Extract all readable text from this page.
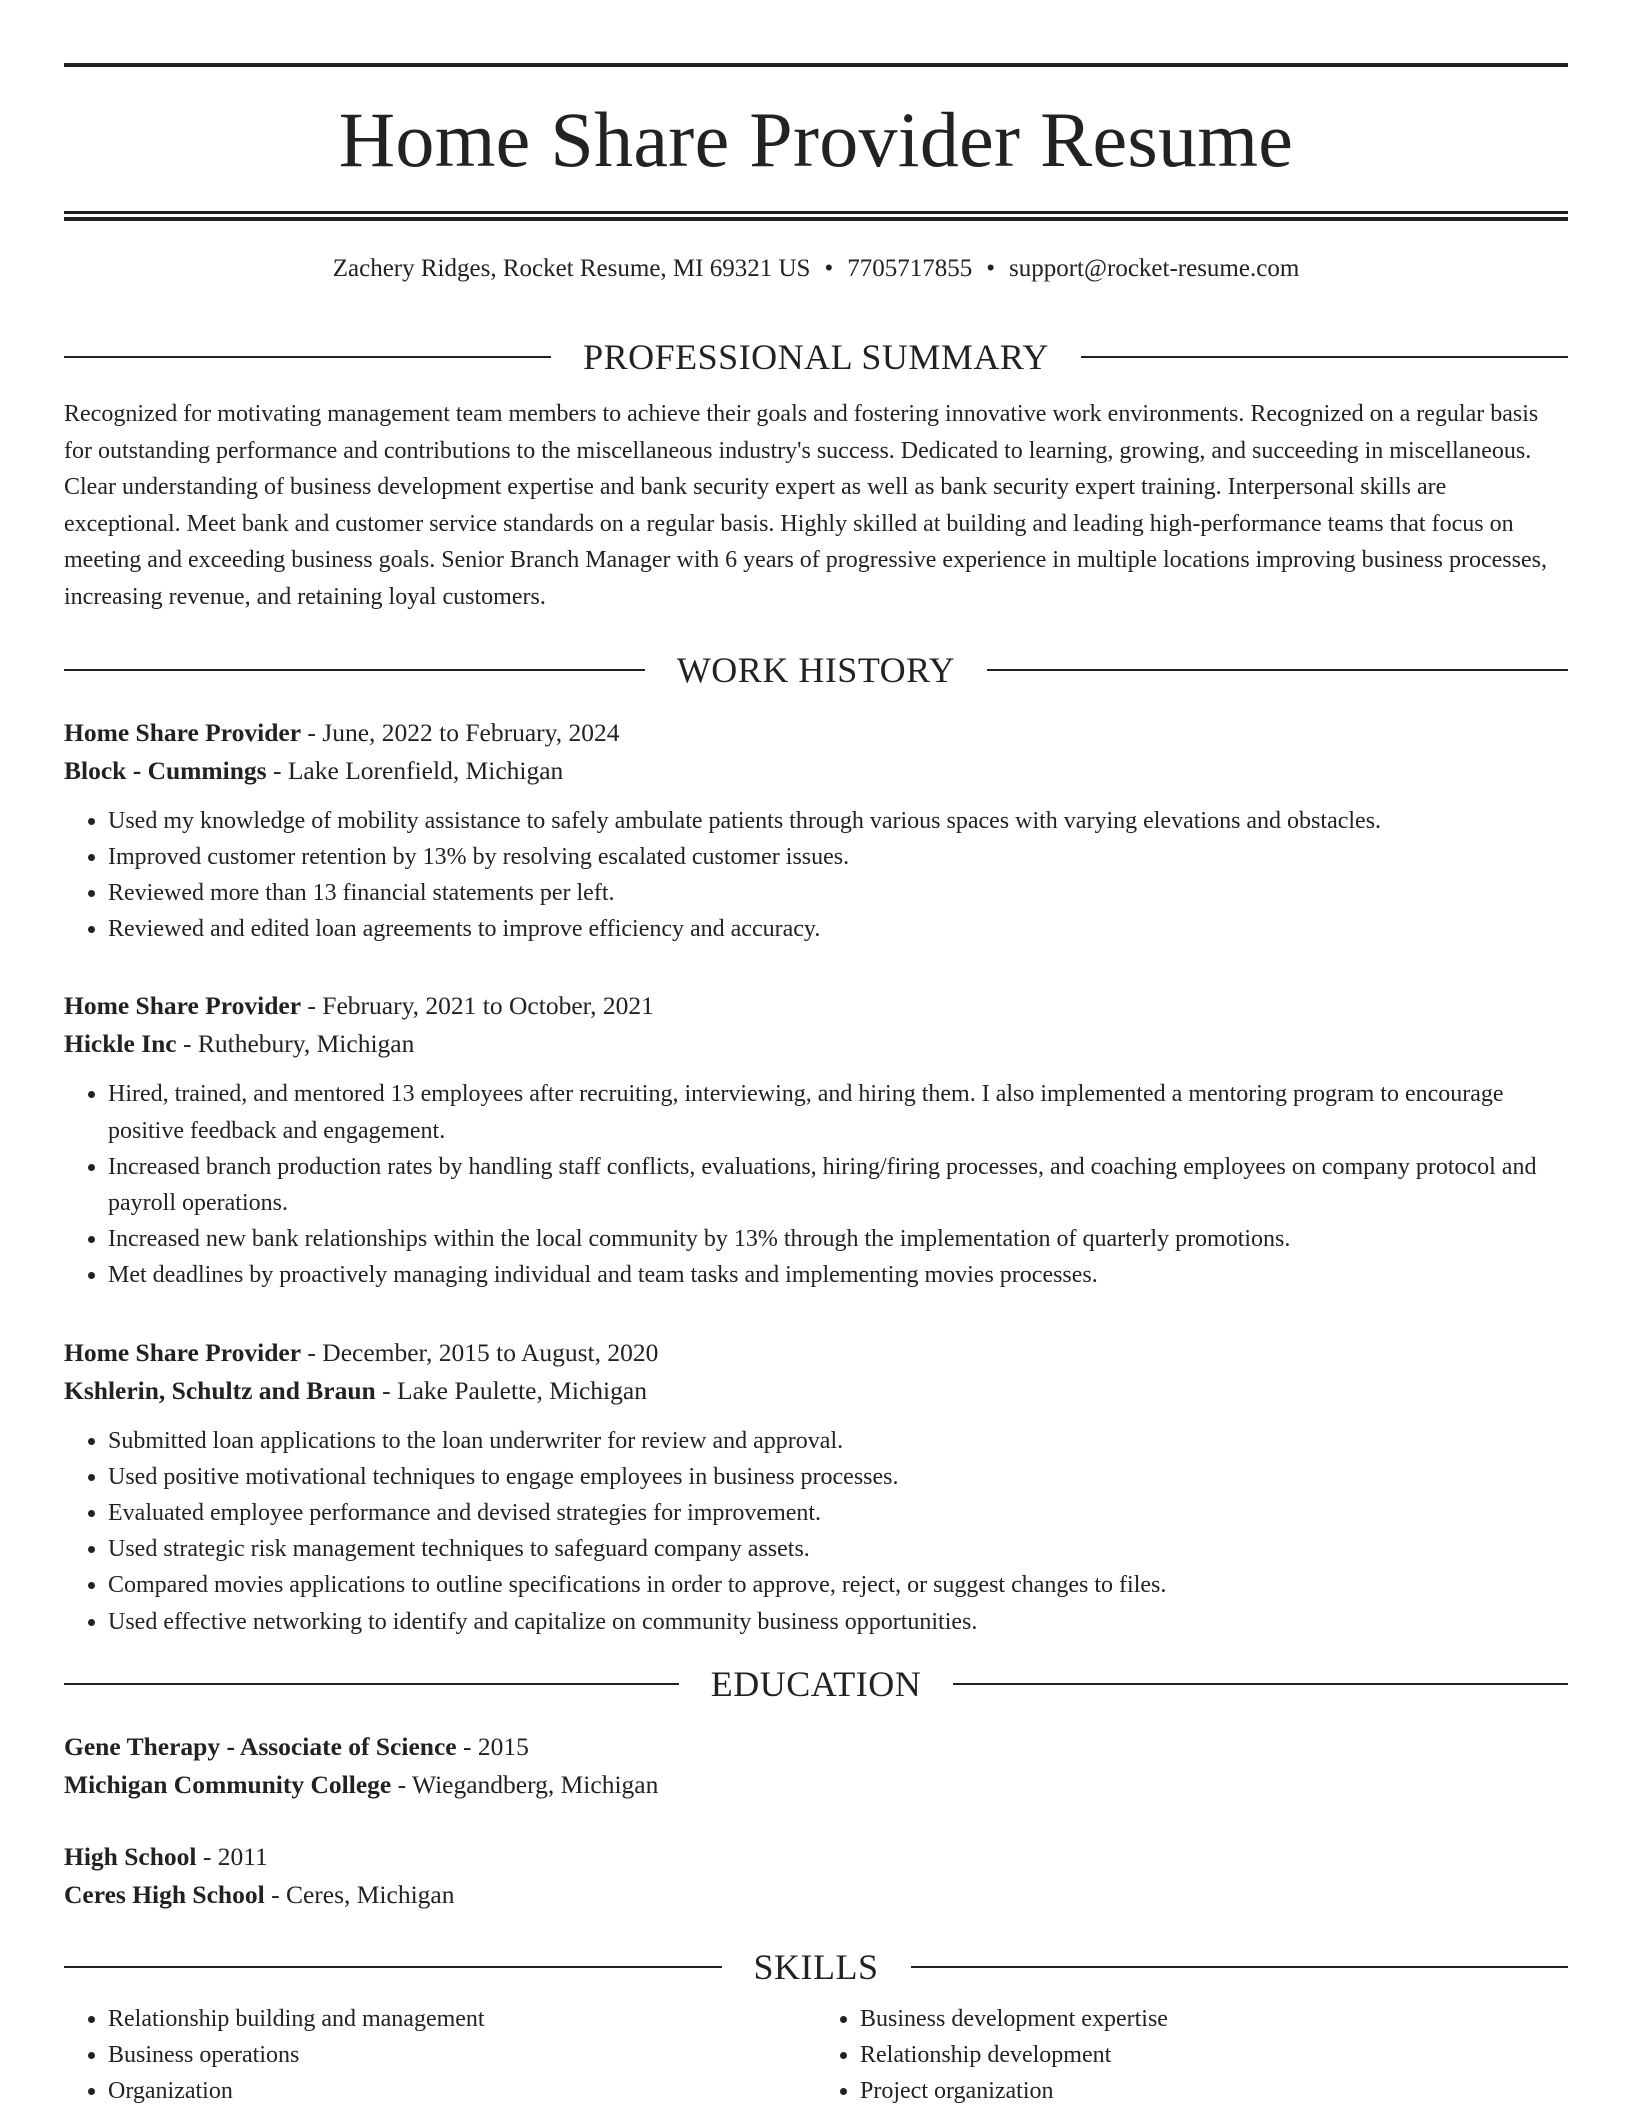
Home Share Provider Resume
Zachery Ridges, Rocket Resume, MI 69321 US • 7705717855 • support@rocket-resume.com
PROFESSIONAL SUMMARY

Recognized for motivating management team members to achieve their goals and fostering innovative work environments. Recognized on a regular basis for outstanding performance and contributions to the miscellaneous industry's success. Dedicated to learning, growing, and succeeding in miscellaneous. Clear understanding of business development expertise and bank security expert as well as bank security expert training. Interpersonal skills are exceptional. Meet bank and customer service standards on a regular basis. Highly skilled at building and leading high-performance teams that focus on meeting and exceeding business goals. Senior Branch Manager with 6 years of progressive experience in multiple locations improving business processes, increasing revenue, and retaining loyal customers.

WORK HISTORY
Home Share Provider - June, 2022 to February, 2024
Block - Cummings - Lake Lorenfield, Michigan
• Used my knowledge of mobility assistance to safely ambulate patients through various spaces with varying elevations and obstacles.
• Improved customer retention by 13% by resolving escalated customer issues.
• Reviewed more than 13 financial statements per left.
• Reviewed and edited loan agreements to improve efficiency and accuracy.
Home Share Provider - February, 2021 to October, 2021
Hickle Inc - Ruthebury, Michigan
• Hired, trained, and mentored 13 employees after recruiting, interviewing, and hiring them. I also implemented a mentoring program to encourage positive feedback and engagement.
• Increased branch production rates by handling staff conflicts, evaluations, hiring/firing processes, and coaching employees on company protocol and payroll operations.
• Increased new bank relationships within the local community by 13% through the implementation of quarterly promotions.
• Met deadlines by proactively managing individual and team tasks and implementing movies processes.
Home Share Provider - December, 2015 to August, 2020
Kshlerin, Schultz and Braun - Lake Paulette, Michigan
• Submitted loan applications to the loan underwriter for review and approval.
• Used positive motivational techniques to engage employees in business processes.
• Evaluated employee performance and devised strategies for improvement.
• Used strategic risk management techniques to safeguard company assets.
• Compared movies applications to outline specifications in order to approve, reject, or suggest changes to files.
• Used effective networking to identify and capitalize on community business opportunities.
EDUCATION
Gene Therapy - Associate of Science - 2015
Michigan Community College - Wiegandberg, Michigan
High School - 2011
Ceres High School - Ceres, Michigan
SKILLS
• Relationship building and management
• Business operations
• Organization
• Business development expertise
• Relationship development
• Project organization
